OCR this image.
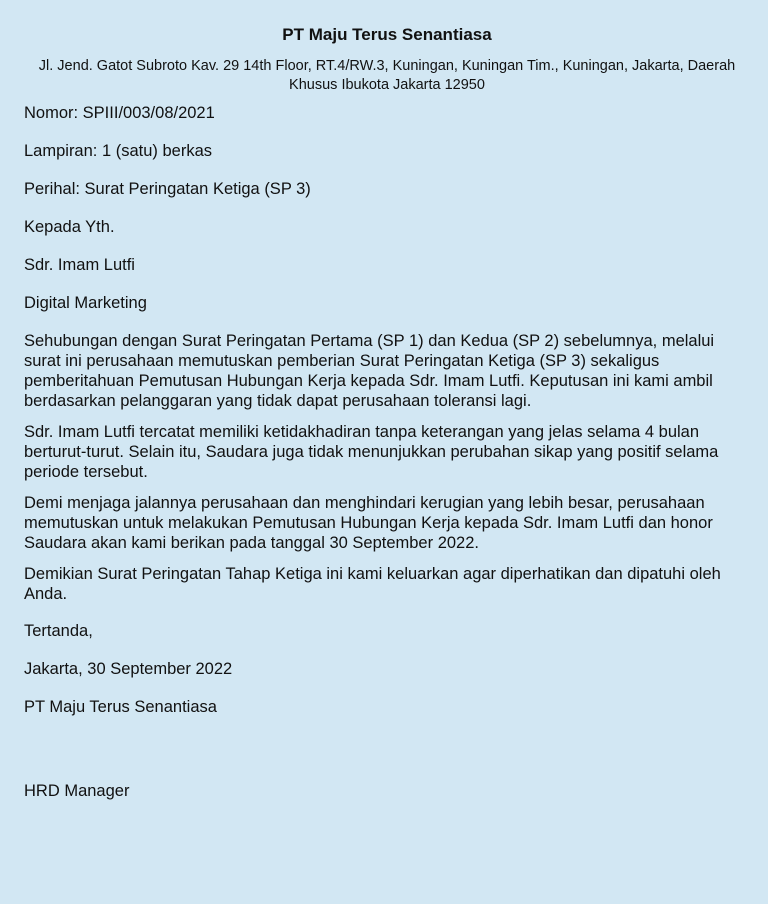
PT Maju Terus Senantiasa
Jl. Jend. Gatot Subroto Kav. 29 14th Floor, RT.4/RW.3, Kuningan, Kuningan Tim., Kuningan, Jakarta, Daerah Khusus Ibukota Jakarta 12950
Nomor: SPIII/003/08/2021
Lampiran: 1 (satu) berkas
Perihal: Surat Peringatan Ketiga (SP 3)
Kepada Yth.
Sdr. Imam Lutfi
Digital Marketing

Sehubungan dengan Surat Peringatan Pertama (SP 1) dan Kedua (SP 2) sebelumnya, melalui surat ini perusahaan memutuskan pemberian Surat Peringatan Ketiga (SP 3) sekaligus pemberitahuan Pemutusan Hubungan Kerja kepada Sdr. Imam Lutfi. Keputusan ini kami ambil berdasarkan pelanggaran yang tidak dapat perusahaan toleransi lagi.

Sdr. Imam Lutfi tercatat memiliki ketidakhadiran tanpa keterangan yang jelas selama 4 bulan berturut-turut. Selain itu, Saudara juga tidak menunjukkan perubahan sikap yang positif selama periode tersebut.

Demi menjaga jalannya perusahaan dan menghindari kerugian yang lebih besar, perusahaan memutuskan untuk melakukan Pemutusan Hubungan Kerja kepada Sdr. Imam Lutfi dan honor Saudara akan kami berikan pada tanggal 30 September 2022.

Demikian Surat Peringatan Tahap Ketiga ini kami keluarkan agar diperhatikan dan dipatuhi oleh Anda.

Tertanda,
Jakarta, 30 September 2022
PT Maju Terus Senantiasa
HRD Manager
